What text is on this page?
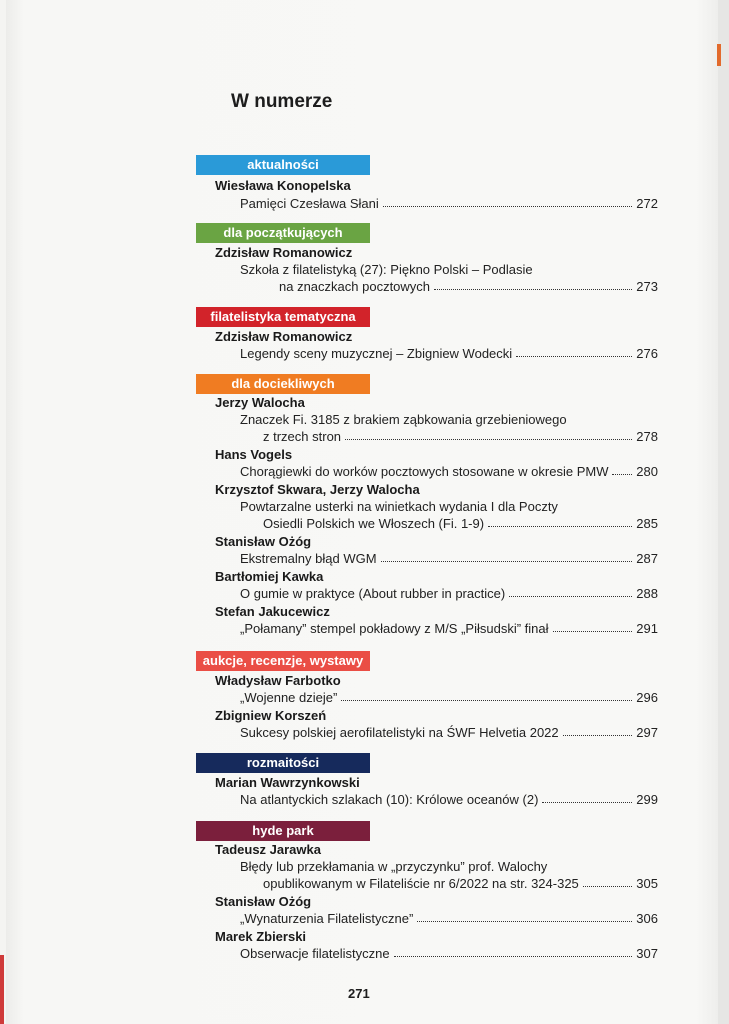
W numerze
aktualności
Wiesława Konopelska
Pamięci Czesława Słani	272
dla początkujących
Zdzisław Romanowicz
Szkoła z filatelistyką (27): Piękno Polski – Podlasie
na znaczkach pocztowych	273
filatelistyka tematyczna
Zdzisław Romanowicz
Legendy sceny muzycznej – Zbigniew Wodecki	276
dla dociekliwych
Jerzy Walocha
Znaczek Fi. 3185 z brakiem ząbkowania grzebieniowego
z trzech stron	278
Hans Vogels
Chorągiewki do worków pocztowych stosowane w okresie PMW 280
Krzysztof Skwara, Jerzy Walocha
Powtarzalne usterki na winietkach wydania I dla Poczty
Osiedli Polskich we Włoszech (Fi. 1-9)	285
Stanisław Ożóg
Ekstremalny błąd WGM	287
Bartłomiej Kawka
O gumie w praktyce (About rubber in practice)	288
Stefan Jakucewicz
„Połamany” stempel pokładowy z M/S „Piłsudski” finał	291
aukcje, recenzje, wystawy
Władysław Farbotko
„Wojenne dzieje”	296
Zbigniew Korszeń
Sukcesy polskiej aerofilatelistyki na ŚWF Helvetia 2022	297
rozmaitości
Marian Wawrzynkowski
Na atlantyckich szlakach (10): Królowe oceanów (2)	299
hyde park
Tadeusz Jarawka
Błędy lub przekłamania w „przyczynku” prof. Walochy
opublikowanym w Filateliście nr 6/2022 na str. 324-325	305
Stanisław Ożóg
„Wynaturzenia Filatelistyczne”	306
Marek Zbierski
Obserwacje filatelistyczne	307
271
